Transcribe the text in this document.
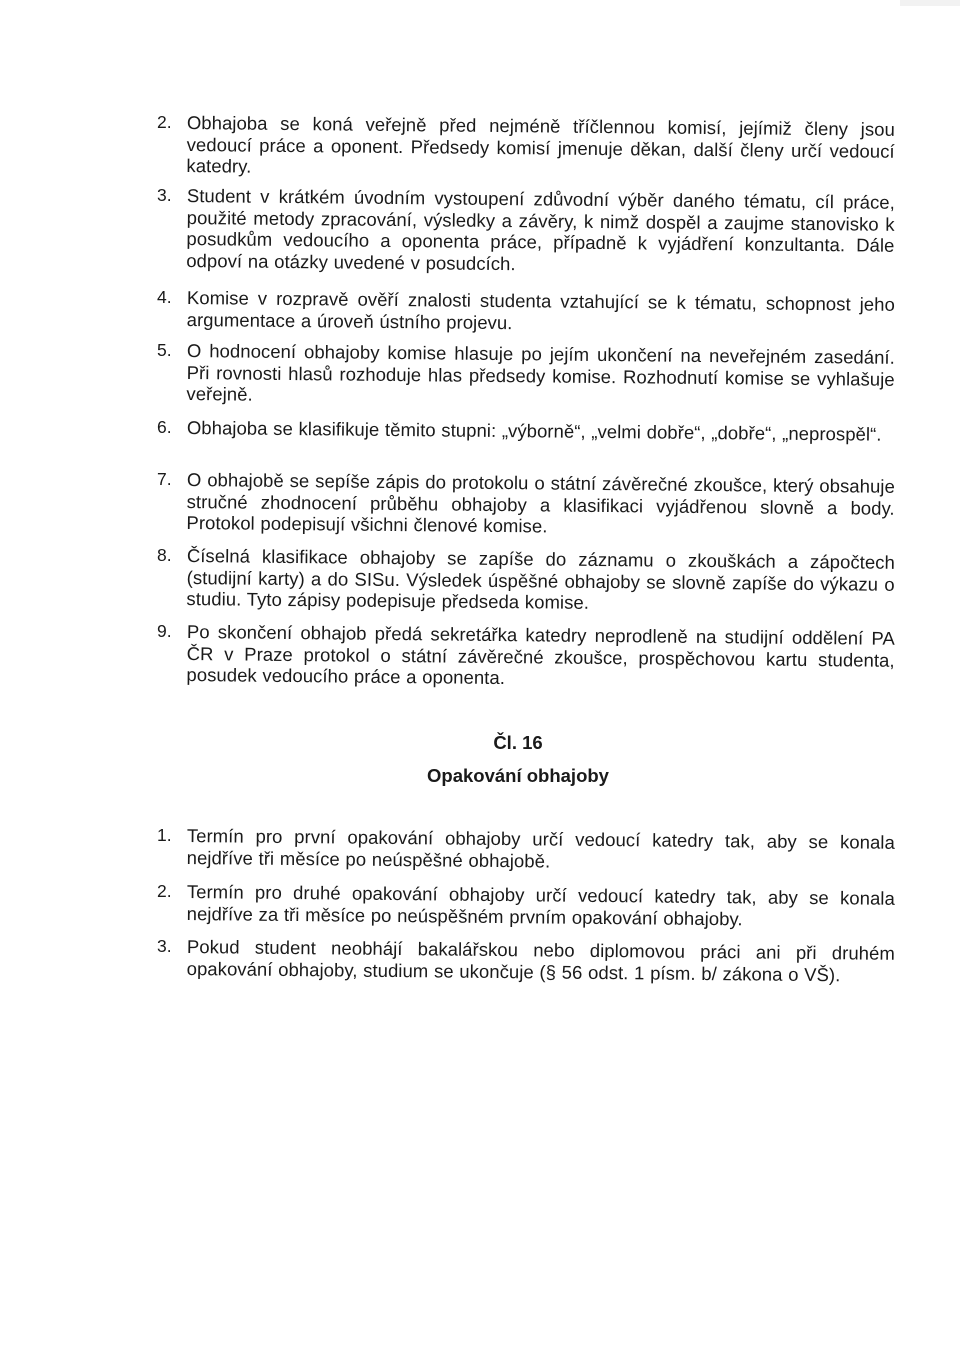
2. Obhajoba se koná veřejně před nejméně tříčlennou komisí, jejímiž členy jsou vedoucí práce a oponent. Předsedy komisí jmenuje děkan, další členy určí vedoucí katedry.
3. Student v krátkém úvodním vystoupení zdůvodní výběr daného tématu, cíl práce, použité metody zpracování, výsledky a závěry, k nimž dospěl a zaujme stanovisko k posudkům vedoucího a oponenta práce, případně k vyjádření konzultanta. Dále odpoví na otázky uvedené v posudcích.
4. Komise v rozpravě ověří znalosti studenta vztahující se k tématu, schopnost jeho argumentace a úroveň ústního projevu.
5. O hodnocení obhajoby komise hlasuje po jejím ukončení na neveřejném zasedání. Při rovnosti hlasů rozhoduje hlas předsedy komise. Rozhodnutí komise se vyhlašuje veřejně.
6. Obhajoba se klasifikuje těmito stupni: „výborně“, „velmi dobře“, „dobře“, „neprospěl“.
7. O obhajobě se sepíše zápis do protokolu o státní závěrečné zkoušce, který obsahuje stručné zhodnocení průběhu obhajoby a klasifikaci vyjádřenou slovně a body. Protokol podepisují všichni členové komise.
8. Číselná klasifikace obhajoby se zapíše do záznamu o zkouškách a zápočtech (studijní karty) a do SISu. Výsledek úspěšné obhajoby se slovně zapíše do výkazu o studiu. Tyto zápisy podepisuje předseda komise.
9. Po skončení obhajob předá sekretářka katedry neprodleně na studijní oddělení PA ČR v Praze protokol o státní závěrečné zkoušce, prospěchovou kartu studenta, posudek vedoucího práce a oponenta.
Čl. 16
Opakování obhajoby
1. Termín pro první opakování obhajoby určí vedoucí katedry tak, aby se konala nejdříve tři měsíce po neúspěšné obhajobě.
2. Termín pro druhé opakování obhajoby určí vedoucí katedry tak, aby se konala nejdříve za tři měsíce po neúspěšném prvním opakování obhajoby.
3. Pokud student neobhájí bakalářskou nebo diplomovou práci ani při druhém opakování obhajoby, studium se ukončuje (§ 56 odst. 1 písm. b/ zákona o VŠ).
